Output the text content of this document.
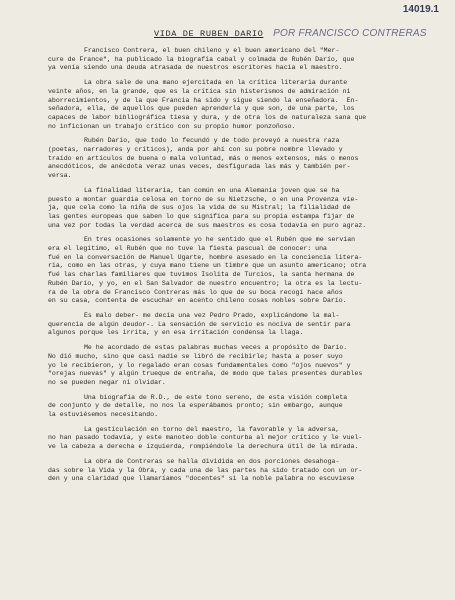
14019.1
VIDA DE RUBEN DARIO POR FRANCISCO CONTRERAS
Francisco Contrera, el buen chileno y el buen americano del "Mer-
cure de France", ha publicado la biografía cabal y colmada de Rubén Darío, que
ya venía siendo una deuda atrasada de nuestros escritores hacia el maestro.
La obra sale de una mano ejercitada en la crítica literaria durante
veinte años, en la grande, que es la crítica sin histerismos de admiración ni
aborrecimientos, y de la que Francia ha sido y sigue siendo la enseñadora.  En-
señadora, ella, de aquellos que pueden aprenderla y que son, de una parte, los
capaces de labor bibliográfica tiesa y dura, y de otra los de naturaleza sana que
no inficionan un trabajo crítico con su propio humor ponzoñoso.
Rubén Darío, que todo lo fecundó y de todo proveyó a nuestra raza
(poetas, narradores y críticos), anda por ahí con su pobre nombre llevado y
traído en artículos de buena o mala voluntad, más o menos extensos, más o menos
anecdóticos, de anécdota veraz unas veces, desfigurada las más y también per-
versa.
La finalidad literaria, tan común en una Alemania joven que se ha
puesto a montar guardia celosa en torno de su Nietzsche, o en una Provenza vie-
ja, que cela como la niña de sus ojos la vida de su Mistral; la filialidad de
las gentes europeas que saben lo que significa para su propia estampa fijar de
una vez por todas la verdad acerca de sus maestros es cosa todavía en puro agraz.
En tres ocasiones solamente yo he sentido que el Rubén que me servían
era el legítimo, el Rubén que no tuve la fiesta pascual de conocer: una
fué en la conversación de Manuel Ugarte, hombre asesado en la conciencia litera-
ria, como en las otras, y cuya mano tiene un timbre que un asunto americano; otra
fué las charlas familiares que tuvimos Isolita de Turcios, la santa hermana de
Rubén Darío, y yo, en el San Salvador de nuestro encuentro; la otra es la lectu-
ra de la obra de Francisco Contreras más lo que de su boca recogí hace años
en su casa, contenta de escuchar en acento chileno cosas nobles sobre Darío.
Es malo deber- me decía una vez Pedro Prado, explicándome la mal-
querencia de algún deudor-. La sensación de servicio es nociva de sentir para
algunos porque les irrita, y en esa irritación condensa la llaga.
Me he acordado de estas palabras muchas veces a propósito de Darío.
No dió mucho, sino que casi nadie se libró de recibirle; hasta a poser suyo
yo le recibieron, y lo regalado eran cosas fundamentales como "ojos nuevos" y
"orejas nuevas" y algún trueque de entraña, de modo que tales presentes durables
no se pueden negar ni olvidar.
Una biografía de R.D., de este tono sereno, de esta visión completa
de conjunto y de detalle, no nos la esperábamos pronto; sin embargo, aunque
la estuviésemos necesitando.
La gesticulación en torno del maestro, la favorable y la adversa,
no han pasado todavía, y este manoteo doble conturba al mejor crítico y le vuel-
ve la cabeza a derecha e izquierda, rompiéndole la derechura útil de la mirada.
La obra de Contreras se halla dividida en dos porciones desahoga-
das sobre la Vida y la Obra, y cada una de las partes ha sido tratado con un or-
den y una claridad que llamaríamos "docentes" si la noble palabra no escuviese
